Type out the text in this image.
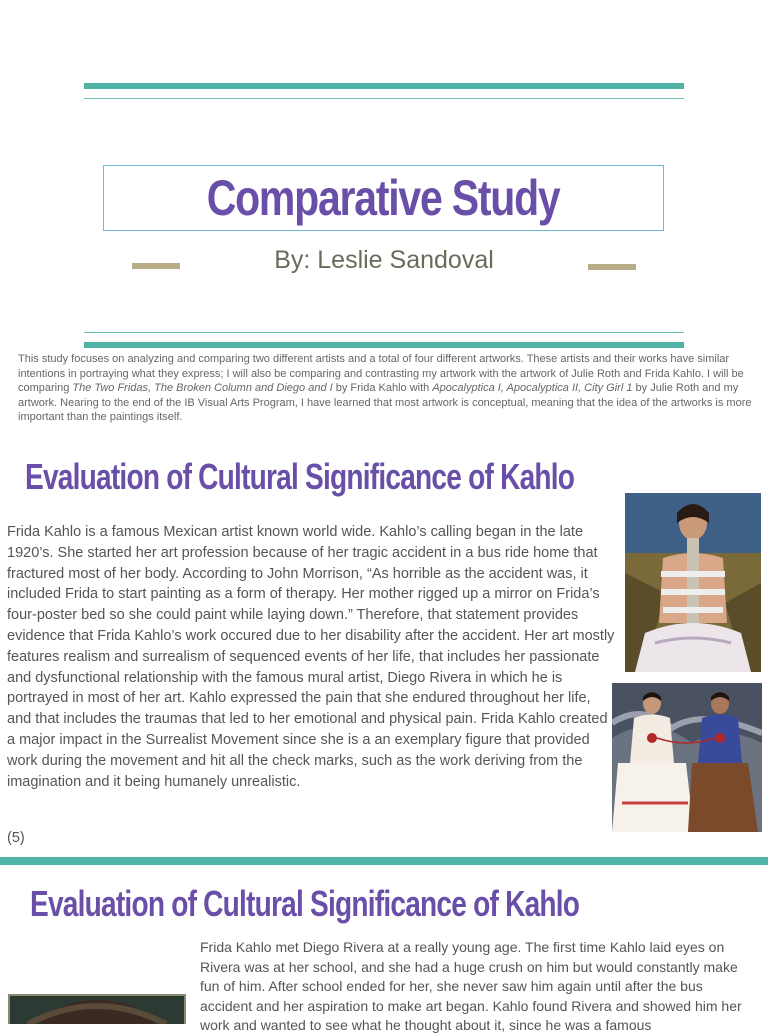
Comparative Study
By: Leslie Sandoval
This study focuses on analyzing and comparing two different artists and a total of four different artworks. These artists and their works have similar intentions in portraying what they express; I will also be comparing and contrasting my artwork with the artwork of Julie Roth and Frida Kahlo. I will be comparing The Two Fridas, The Broken Column and Diego and I by Frida Kahlo with Apocalyptica I, Apocalyptica II, City Girl 1 by Julie Roth and my artwork. Nearing to the end of the IB Visual Arts Program, I have learned that most artwork is conceptual, meaning that the idea of the artworks is more important than the paintings itself.
Evaluation of Cultural Significance of Kahlo
Frida Kahlo is a famous Mexican artist known world wide. Kahlo’s calling began in the late 1920’s. She started her art profession because of her tragic accident in a bus ride home that fractured most of her body. According to John Morrison, “As horrible as the accident was, it included Frida to start painting as a form of therapy. Her mother rigged up a mirror on Frida’s four-poster bed so she could paint while laying down.” Therefore, that statement provides evidence that Frida Kahlo’s work occured due to her disability after the accident. Her art mostly features realism and surrealism of sequenced events of her life, that includes her passionate and dysfunctional relationship with the famous mural artist, Diego Rivera in which he is portrayed in most of her art. Kahlo expressed the pain that she endured throughout her life, and that includes the traumas that led to her emotional and physical pain. Frida Kahlo created a major impact in the Surrealist Movement since she is a an exemplary figure that provided work during the movement and hit all the check marks, such as the work deriving from the imagination and it being humanely unrealistic.
(5)
Evaluation of Cultural Significance of Kahlo
Frida Kahlo met Diego Rivera at a really young age. The first time Kahlo laid eyes on Rivera was at her school, and she had a huge crush on him but would constantly make fun of him. After school ended for her, she never saw him again until after the bus accident and her aspiration to make art began. Kahlo found Rivera and showed him her work and wanted to see what he thought about it, since he was a famous
